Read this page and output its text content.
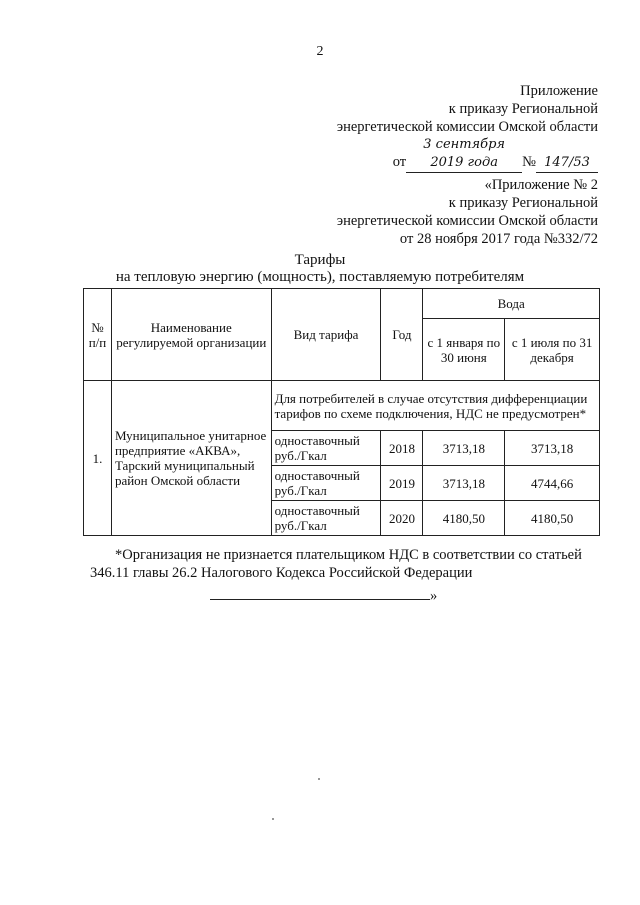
2
Приложение
к приказу Региональной
энергетической комиссии Омской области
от3 сентября 2019 года № 147/53
«Приложение № 2
к приказу Региональной
энергетической комиссии Омской области
от 28 ноября 2017 года №332/72
Тарифы
на тепловую энергию (мощность), поставляемую потребителям
№ п/п	Наименование регулируемой организации	Вид тарифа	Год	Вода	
				с 1 января по 30 июня	с 1 июля по 31 декабря
1.	Муниципальное унитарное предприятие «АКВА», Тарский муниципальный район Омской области	Для потребителей в случае отсутствия дифференциации тарифов по схеме подключения, НДС не предусмотрен*			
		одноставочный руб./Гкал	2018	3713,18	3713,18
		одноставочный руб./Гкал	2019	3713,18	4744,66
		одноставочный руб./Гкал	2020	4180,50	4180,50
*Организация не признается плательщиком НДС в соответствии со статьей 346.11 главы 26.2 Налогового Кодекса Российской Федерации
»
